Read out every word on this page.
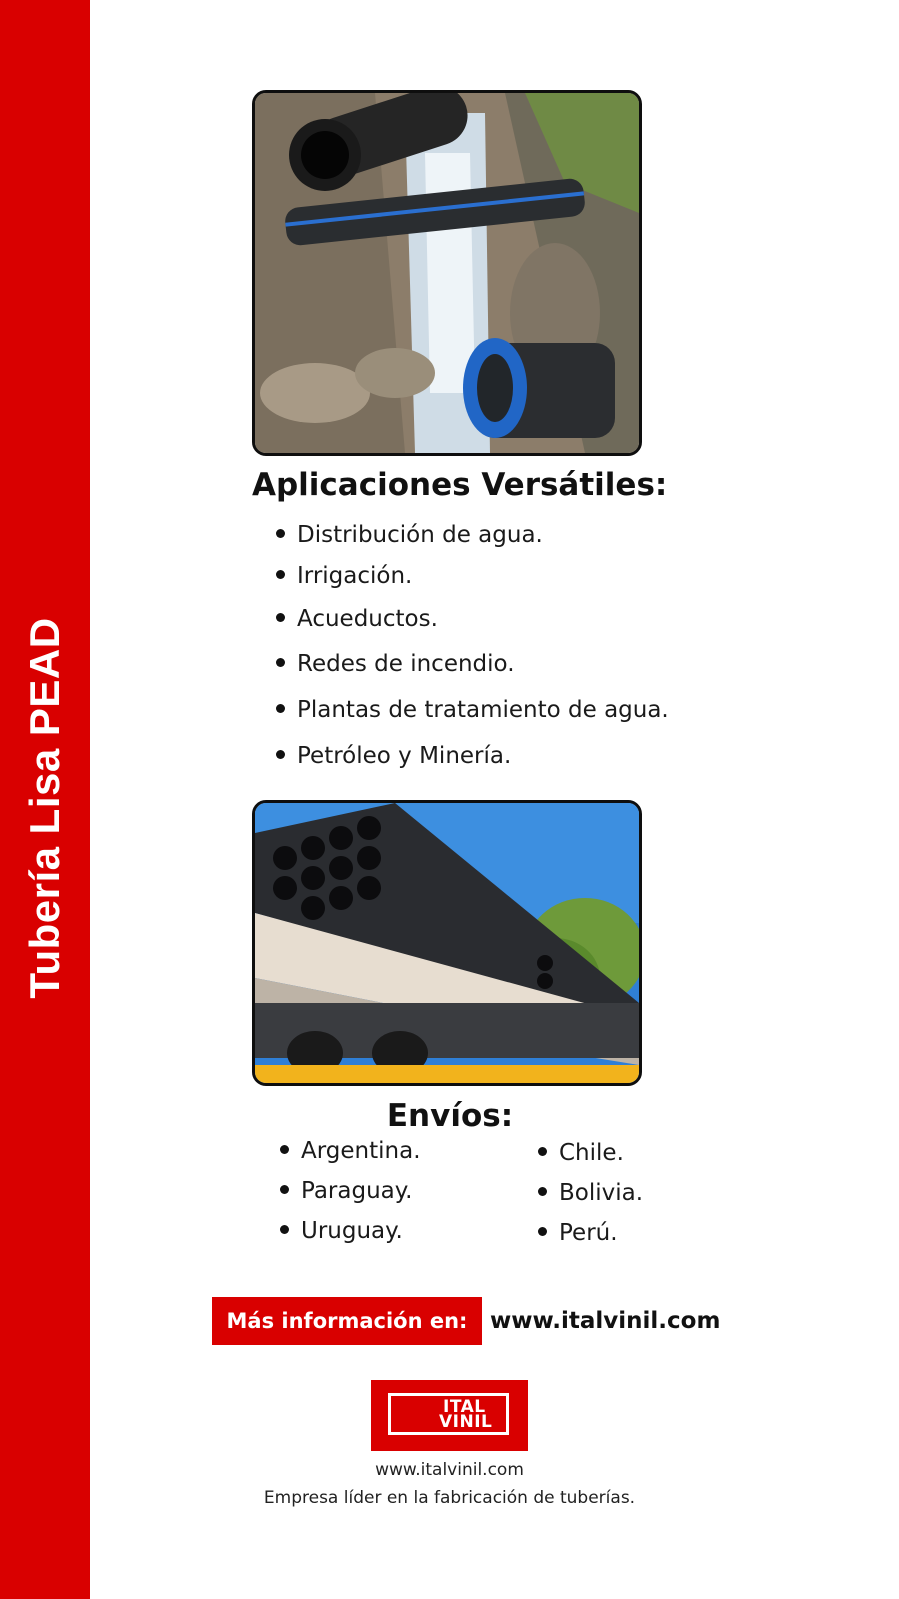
Tubería Lisa PEAD
Aplicaciones Versátiles:
Distribución de agua.
Irrigación.
Acueductos.
Redes de incendio.
Plantas de tratamiento de agua.
Petróleo y Minería.
Envíos:
Argentina.
Paraguay.
Uruguay.
Chile.
Bolivia.
Perú.
Más información en: www.italvinil.com
ITAL
VINIL
www.italvinil.com
Empresa líder en la fabricación de tuberías.
